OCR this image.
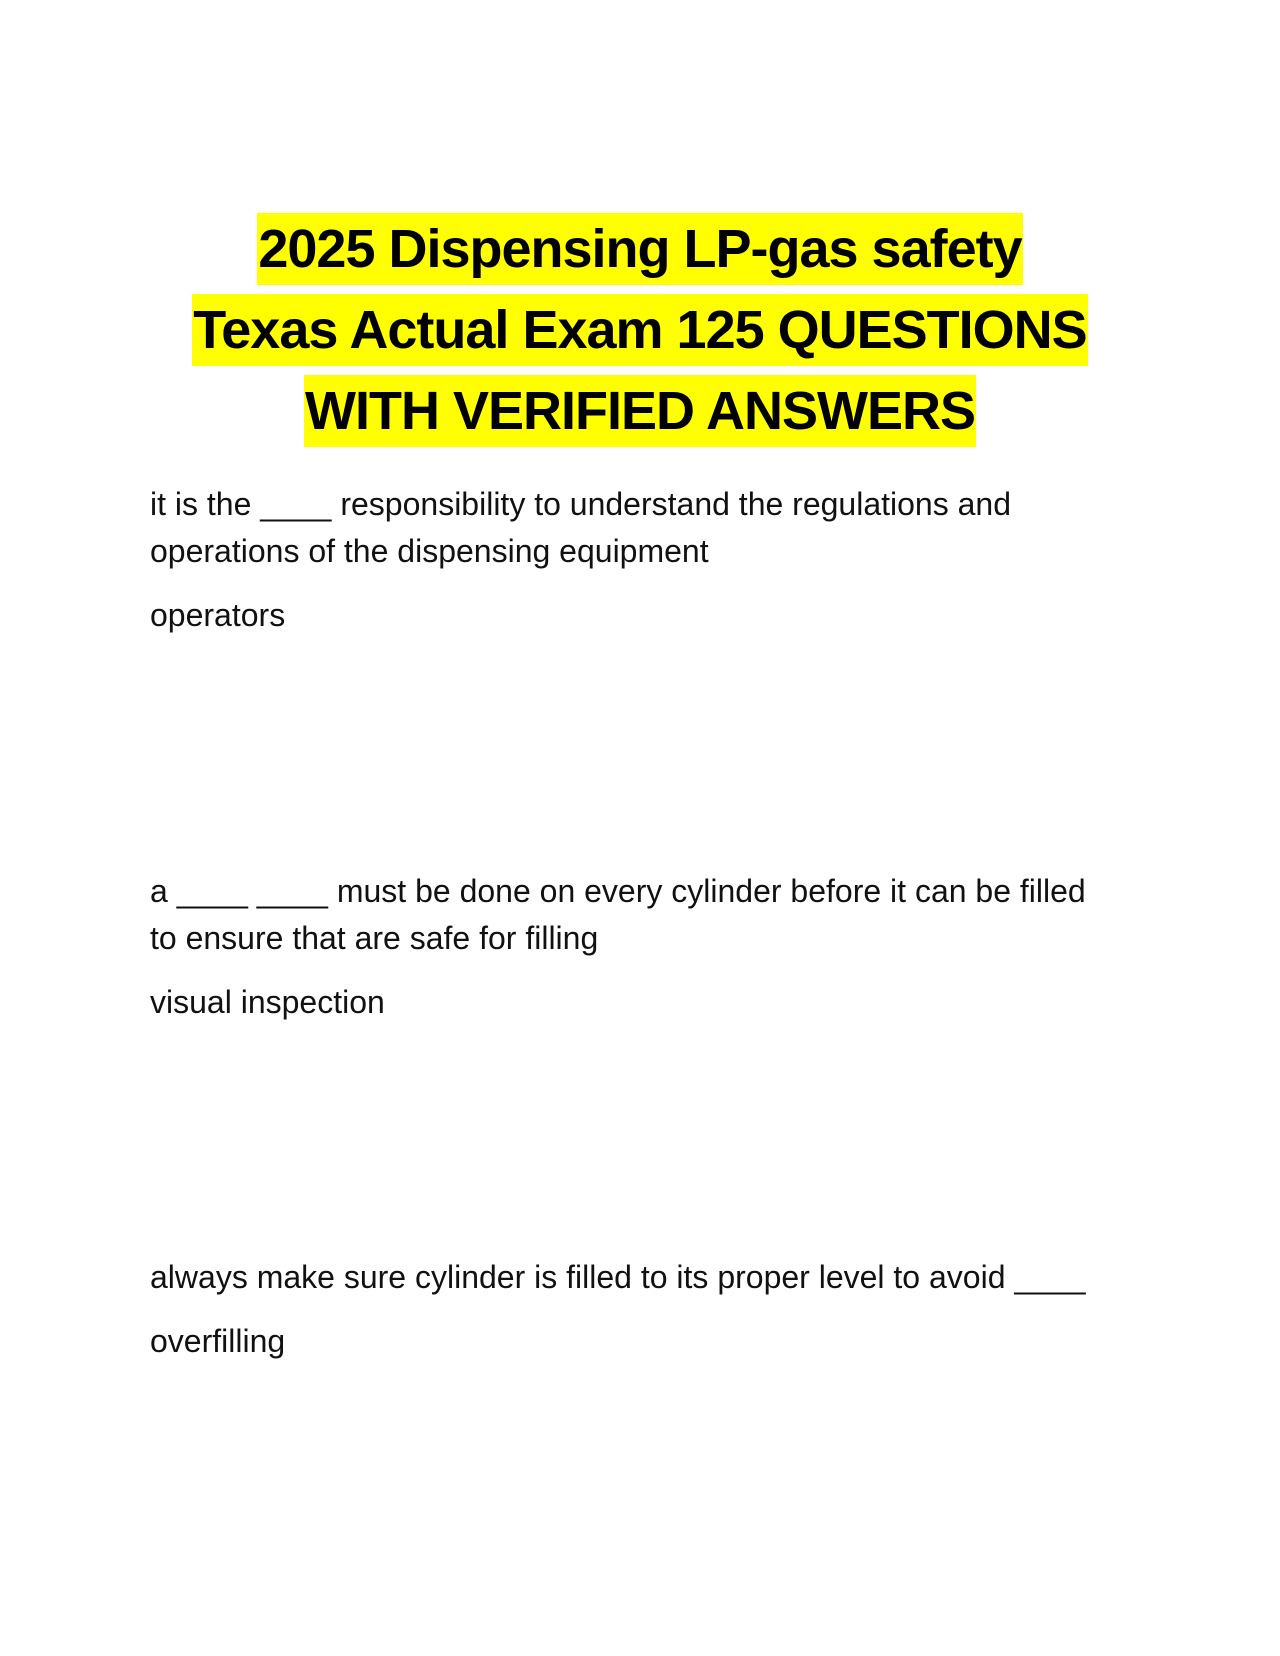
2025 Dispensing LP-gas safety
Texas Actual Exam 125 QUESTIONS
WITH VERIFIED ANSWERS

it is the ____ responsibility to understand the regulations and operations of the dispensing equipment

operators

a ____ ____ must be done on every cylinder before it can be filled to ensure that are safe for filling

visual inspection

always make sure cylinder is filled to its proper level to avoid ____

overfilling
